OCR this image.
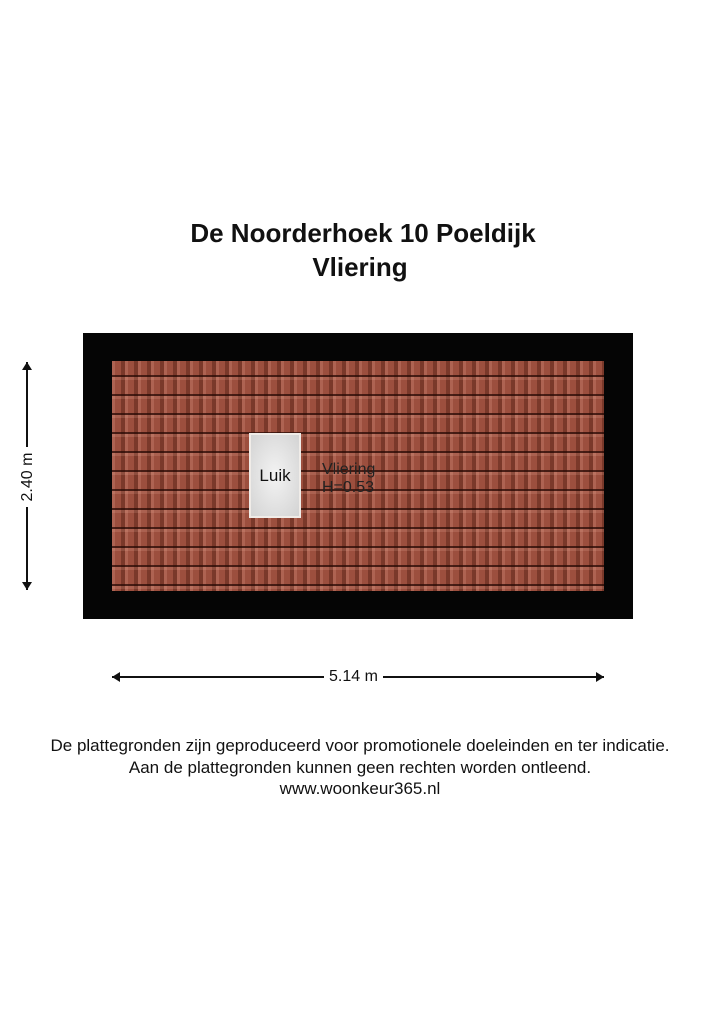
De Noorderhoek 10 Poeldijk
Vliering
Luik Vliering
H=0.53
2.40 m
5.14 m
De plattegronden zijn geproduceerd voor promotionele doeleinden en ter indicatie.
Aan de plattegronden kunnen geen rechten worden ontleend.
www.woonkeur365.nl
